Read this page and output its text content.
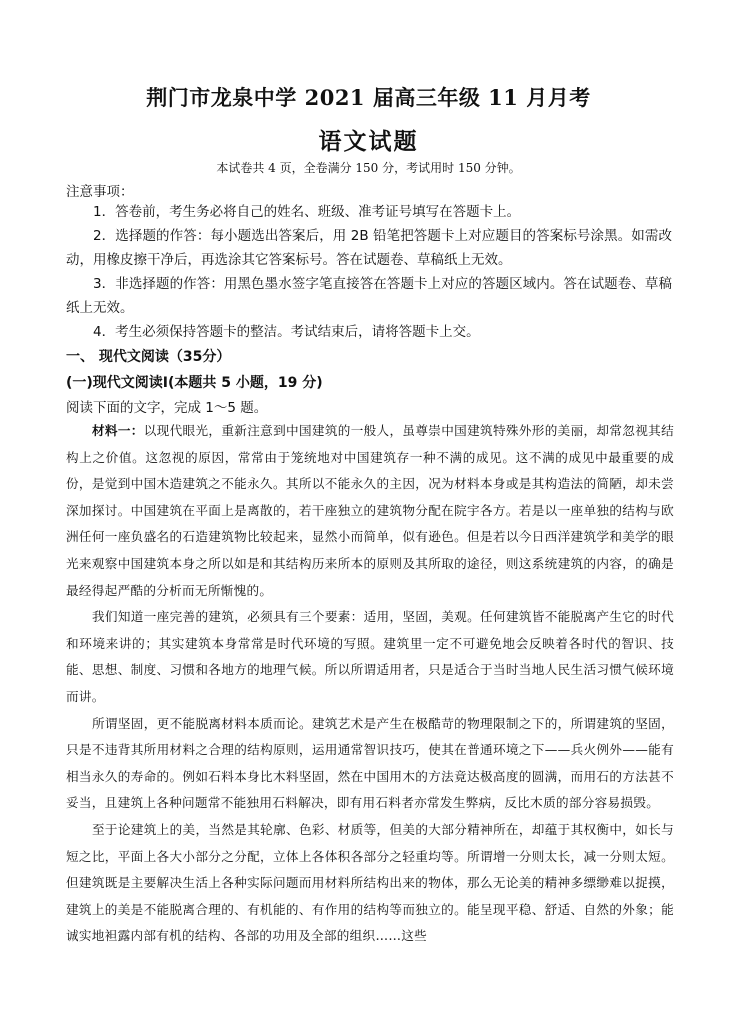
荆门市龙泉中学 2021 届高三年级 11 月月考
语文试题
本试卷共 4 页，全卷满分 150 分，考试用时 150 分钟。
注意事项：

1．答卷前，考生务必将自己的姓名、班级、准考证号填写在答题卡上。

2．选择题的作答：每小题选出答案后，用 2B 铅笔把答题卡上对应题目的答案标号涂黑。如需改动，用橡皮擦干净后，再选涂其它答案标号。答在试题卷、草稿纸上无效。

3．非选择题的作答：用黑色墨水签字笔直接答在答题卡上对应的答题区域内。答在试题卷、草稿纸上无效。

4．考生必须保持答题卡的整洁。考试结束后，请将答题卡上交。

一、 现代文阅读（35分）
(一)现代文阅读Ⅰ(本题共 5 小题，19 分)
阅读下面的文字，完成 1～5 题。

材料一：以现代眼光，重新注意到中国建筑的一般人，虽尊崇中国建筑特殊外形的美丽，却常忽视其结构上之价值。这忽视的原因，常常由于笼统地对中国建筑存一种不满的成见。这不满的成见中最重要的成份，是觉到中国木造建筑之不能永久。其所以不能永久的主因，况为材料本身或是其构造法的简陋，却未尝深加探讨。中国建筑在平面上是离散的，若干座独立的建筑物分配在院宇各方。若是以一座单独的结构与欧洲任何一座负盛名的石造建筑物比较起来，显然小而简单，似有逊色。但是若以今日西洋建筑学和美学的眼光来观察中国建筑本身之所以如是和其结构历来所本的原则及其所取的途径，则这系统建筑的内容，的确是最经得起严酷的分析而无所惭愧的。

我们知道一座完善的建筑，必须具有三个要素：适用，坚固，美观。任何建筑皆不能脱离产生它的时代和环境来讲的；其实建筑本身常常是时代环境的写照。建筑里一定不可避免地会反映着各时代的智识、技能、思想、制度、习惯和各地方的地理气候。所以所谓适用者，只是适合于当时当地人民生活习惯气候环境而讲。

所谓坚固，更不能脱离材料本质而论。建筑艺术是产生在极酷苛的物理限制之下的，所谓建筑的坚固，只是不违背其所用材料之合理的结构原则，运用通常智识技巧，使其在普通环境之下——兵火例外——能有相当永久的寿命的。例如石料本身比木料坚固，然在中国用木的方法竟达极高度的圆满，而用石的方法甚不妥当，且建筑上各种问题常不能独用石料解决，即有用石料者亦常发生弊病，反比木质的部分容易损毁。

至于论建筑上的美，当然是其轮廓、色彩、材质等，但美的大部分精神所在，却蕴于其权衡中，如长与短之比，平面上各大小部分之分配，立体上各体积各部分之轻重均等。所谓增一分则太长，减一分则太短。但建筑既是主要解决生活上各种实际问题而用材料所结构出来的物体，那么无论美的精神多缥缈难以捉摸，建筑上的美是不能脱离合理的、有机能的、有作用的结构等而独立的。能呈现平稳、舒适、自然的外象；能诚实地袒露内部有机的结构、各部的功用及全部的组织……这些
